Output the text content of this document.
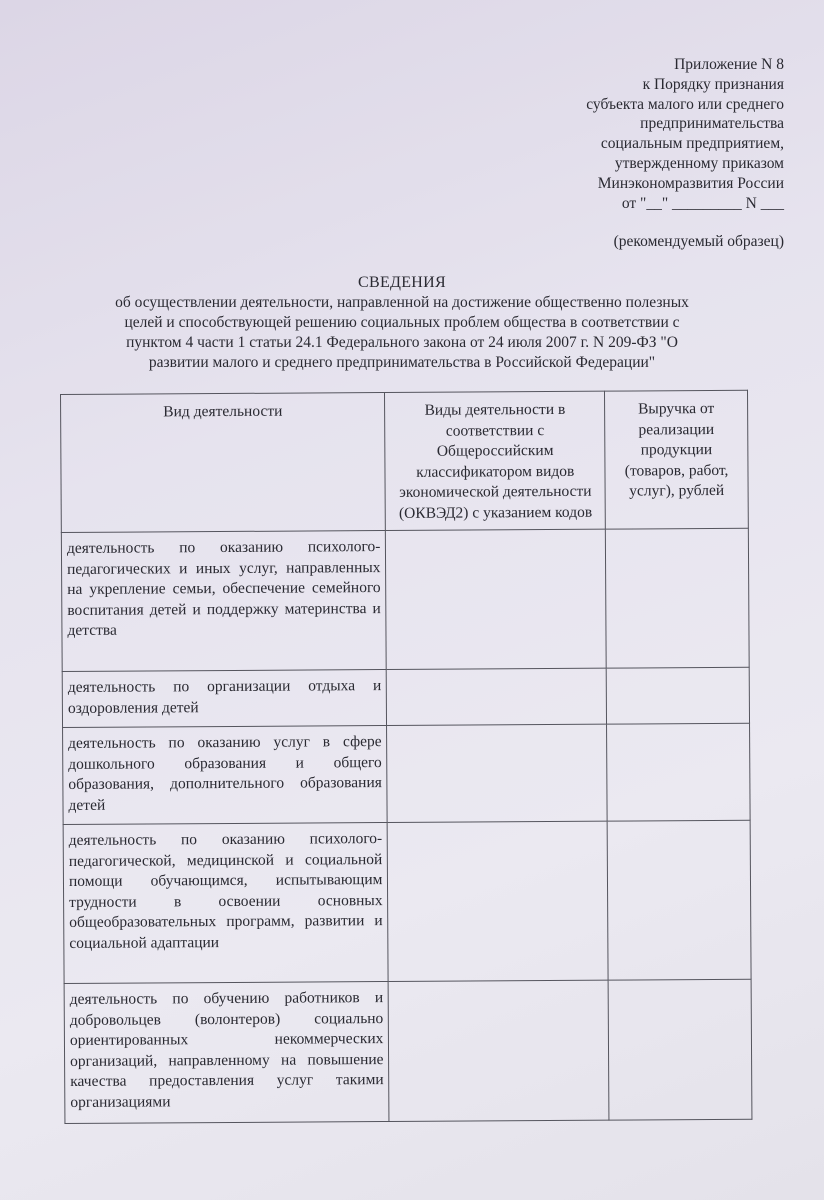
Приложение N 8
к Порядку признания
субъекта малого или среднего
предпринимательства
социальным предприятием,
утвержденному приказом
Минэкономразвития России
от "__" _________ N ___
(рекомендуемый образец)
СВЕДЕНИЯ
об осуществлении деятельности, направленной на достижение общественно полезных
целей и способствующей решению социальных проблем общества в соответствии с
пунктом 4 части 1 статьи 24.1 Федерального закона от 24 июля 2007 г. N 209-ФЗ "О
развитии малого и среднего предпринимательства в Российской Федерации"
Вид деятельности	Виды деятельности в соответствии с Общероссийским классификатором видов экономической деятельности (ОКВЭД2) с указанием кодов	Выручка от реализации продукции (товаров, работ, услуг), рублей
деятельность по оказанию психолого-педагогических и иных услуг, направленных на укрепление семьи, обеспечение семейного воспитания детей и поддержку материнства и детства		
деятельность по организации отдыха и оздоровления детей		
деятельность по оказанию услуг в сфере дошкольного образования и общего образования, дополнительного образования детей		
деятельность по оказанию психолого-педагогической, медицинской и социальной помощи обучающимся, испытывающим трудности в освоении основных общеобразовательных программ, развитии и социальной адаптации		
деятельность по обучению работников и добровольцев (волонтеров) социально ориентированных некоммерческих организаций, направленному на повышение качества предоставления услуг такими организациями		
